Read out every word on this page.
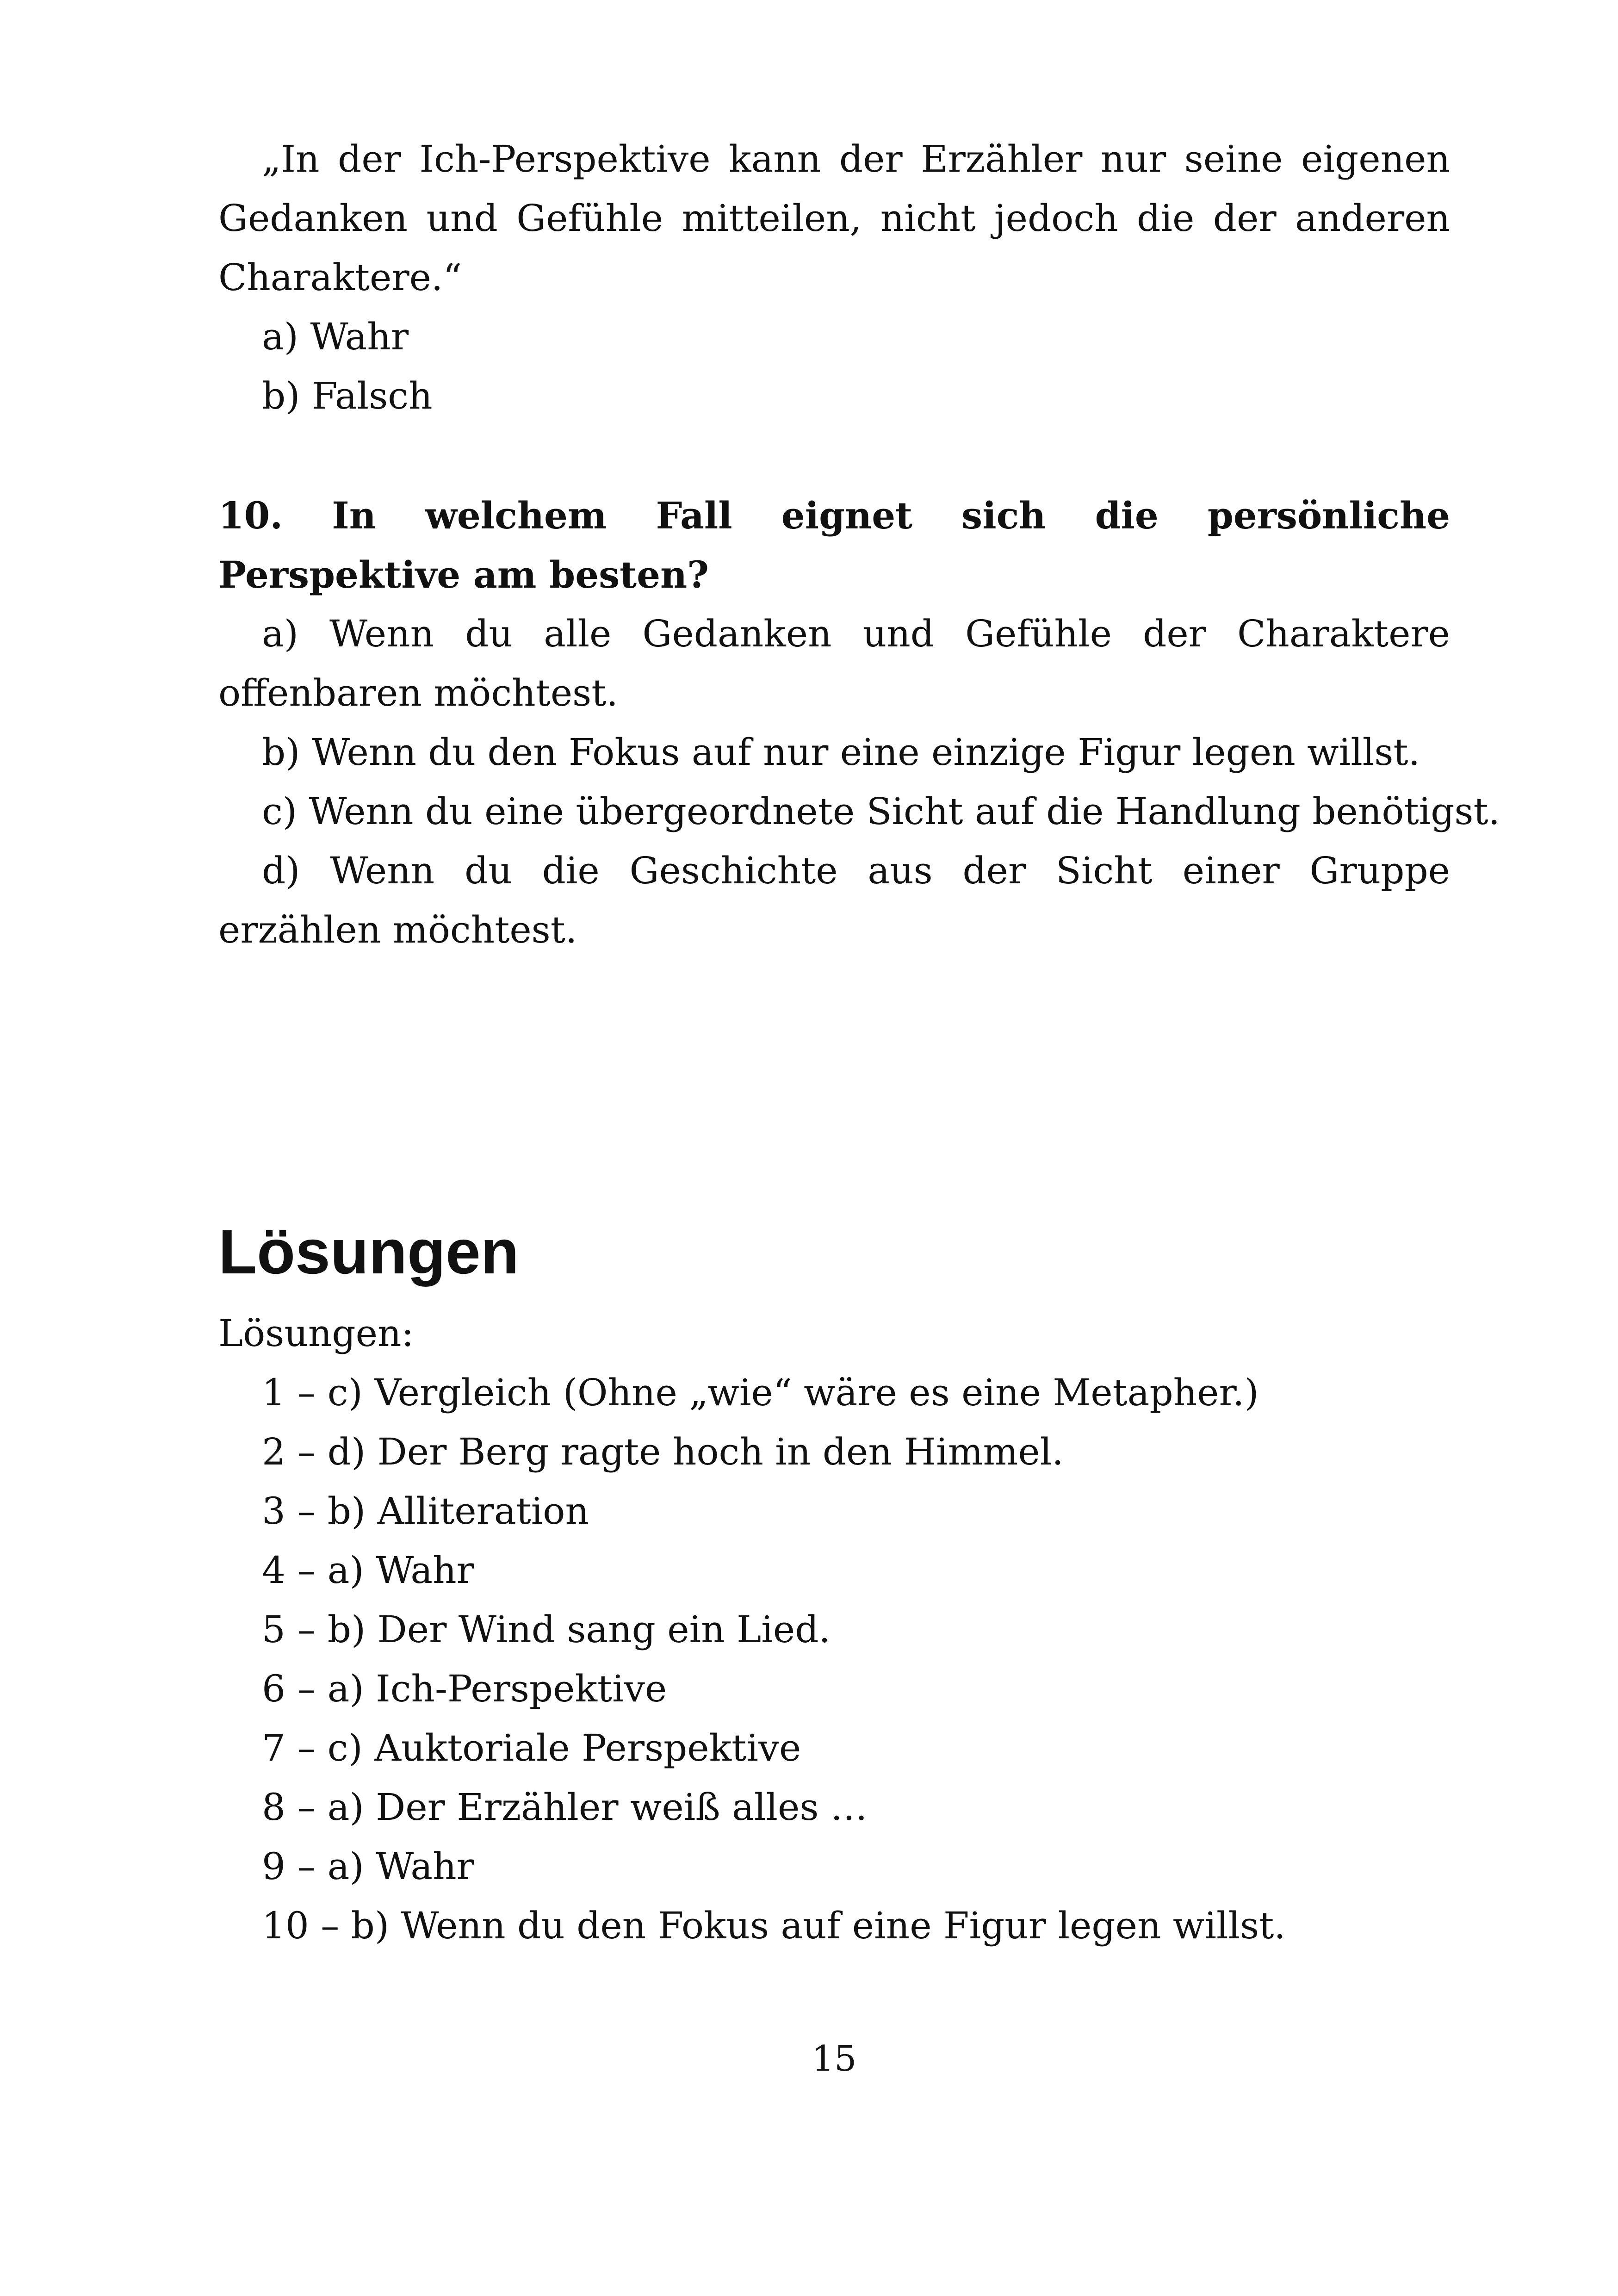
„In der Ich-Perspektive kann der Erzähler nur seine eigenen Gedanken und Gefühle mitteilen, nicht jedoch die der anderen Charaktere.“

a) Wahr
b) Falsch

10. In welchem Fall eignet sich die persönliche Perspektive am besten?

a) Wenn du alle Gedanken und Gefühle der Charaktere offenbaren möchtest.

b) Wenn du den Fokus auf nur eine einzige Figur legen willst.
c) Wenn du eine übergeordnete Sicht auf die Handlung benötigst.

d) Wenn du die Geschichte aus der Sicht einer Gruppe erzählen möchtest.

Lösungen
Lösungen:
1 – c) Vergleich (Ohne „wie“ wäre es eine Metapher.)
2 – d) Der Berg ragte hoch in den Himmel.
3 – b) Alliteration
4 – a) Wahr
5 – b) Der Wind sang ein Lied.
6 – a) Ich-Perspektive
7 – c) Auktoriale Perspektive
8 – a) Der Erzähler weiß alles …
9 – a) Wahr
10 – b) Wenn du den Fokus auf eine Figur legen willst.
15
